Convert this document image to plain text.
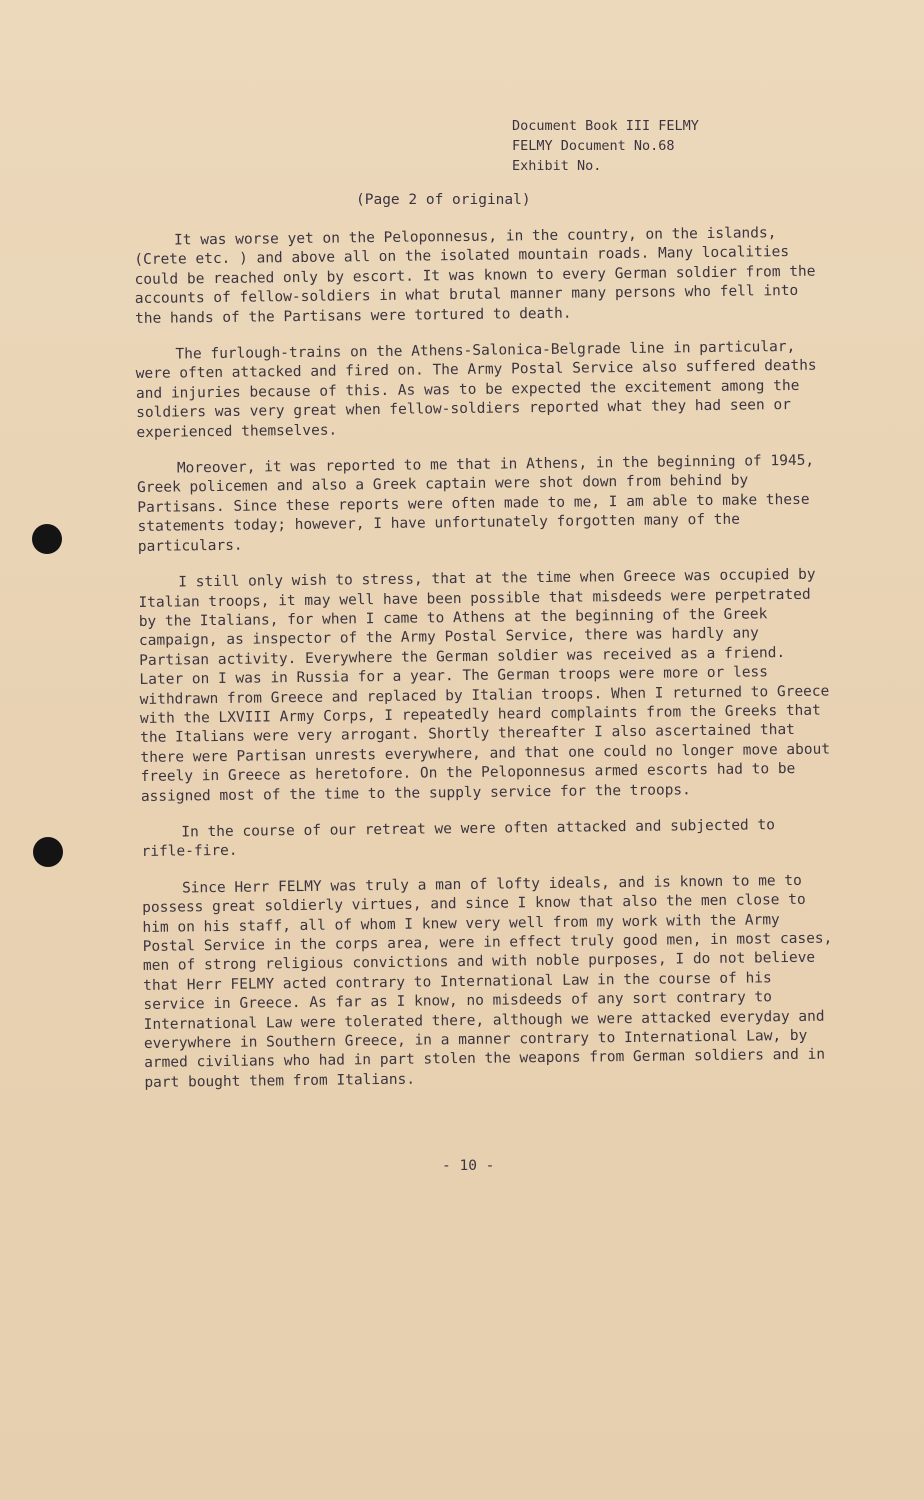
Document Book III FELMY
FELMY Document No.68
Exhibit No.
(Page 2 of original)

It was worse yet on the Peloponnesus, in the country, on the islands, (Crete etc. ) and above all on the isolated mountain roads. Many localities could be reached only by escort. It was known to every German soldier from the accounts of fellow-soldiers in what brutal manner many persons who fell into the hands of the Partisans were tortured to death.

The furlough-trains on the Athens-Salonica-Belgrade line in particular, were often attacked and fired on. The Army Postal Service also suffered deaths and injuries because of this. As was to be expected the excitement among the soldiers was very great when fellow-soldiers reported what they had seen or experienced themselves.

Moreover, it was reported to me that in Athens, in the beginning of 1945, Greek policemen and also a Greek captain were shot down from behind by Partisans. Since these reports were often made to me, I am able to make these statements today; however, I have unfortunately forgotten many of the particulars.

I still only wish to stress, that at the time when Greece was occupied by Italian troops, it may well have been possible that misdeeds were perpetrated by the Italians, for when I came to Athens at the beginning of the Greek campaign, as inspector of the Army Postal Service, there was hardly any Partisan activity. Everywhere the German soldier was received as a friend. Later on I was in Russia for a year. The German troops were more or less withdrawn from Greece and replaced by Italian troops. When I returned to Greece with the LXVIII Army Corps, I repeatedly heard complaints from the Greeks that the Italians were very arrogant. Shortly thereafter I also ascertained that there were Partisan unrests everywhere, and that one could no longer move about freely in Greece as heretofore. On the Peloponnesus armed escorts had to be assigned most of the time to the supply service for the troops.

In the course of our retreat we were often attacked and subjected to rifle-fire.

Since Herr FELMY was truly a man of lofty ideals, and is known to me to possess great soldierly virtues, and since I know that also the men close to him on his staff, all of whom I knew very well from my work with the Army Postal Service in the corps area, were in effect truly good men, in most cases, men of strong religious convictions and with noble purposes, I do not believe that Herr FELMY acted contrary to International Law in the course of his service in Greece. As far as I know, no misdeeds of any sort contrary to International Law were tolerated there, although we were attacked everyday and everywhere in Southern Greece, in a manner contrary to International Law, by armed civilians who had in part stolen the weapons from German soldiers and in part bought them from Italians.

- 10 -
